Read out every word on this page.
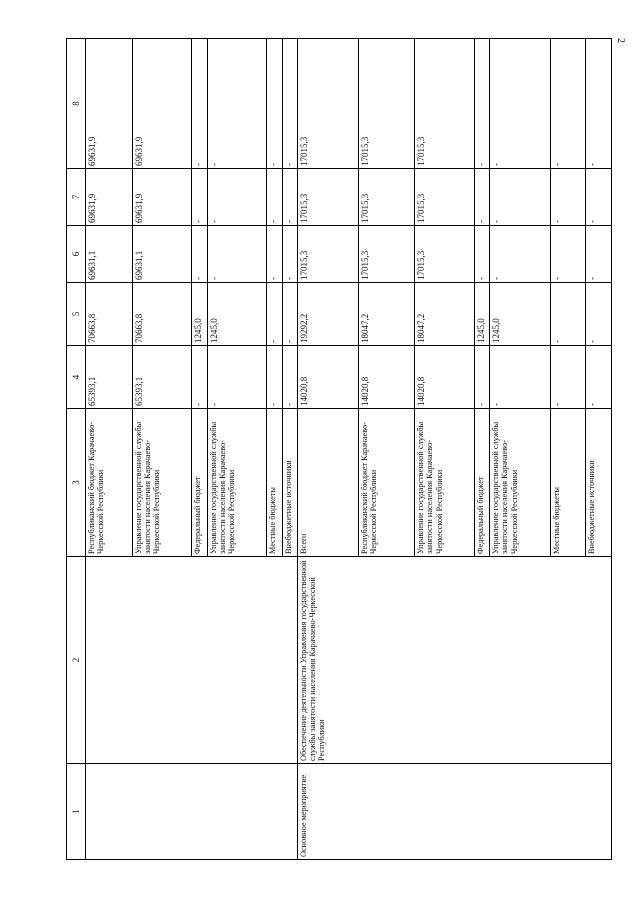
2
1	2	3	4	5	6	7	8
		Республиканский бюджет Карачаево-Черкесской Республики	65393,1	70663,8	69631,1	69631,9	69631,9
		Управление государственной службы занятости населения Карачаево-Черкесской Республики	65393,1	70663,8	69631,1	69631,9	69631,9
		Федеральный бюджет	-	1245,0	-	-	-
		Управление государственной службы занятости населения Карачаево-Черкесской Республики	-	1245,0	-	-	-
		Местные бюджеты	-	-	-	-	-
		Внебюджетные источники	-	-	-	-	-
Основное мероприятие	Обеспечение деятельности Управления государственной службы занятости населения Карачаево-Черкесской Республики	Всего	14020,8	19292,2	17015,3	17015,3	17015,3
		Республиканский бюджет Карачаево-Черкесской Республики	14020,8	18047,2	17015,3	17015,3	17015,3
		Управление государственной службы занятости населения Карачаево-Черкесской Республики	14020,8	18047,2	17015,3	17015,3	17015,3
		Федеральный бюджет	-	1245,0	-	-	-
		Управление государственной службы занятости населения Карачаево-Черкесской Республики	-	1245,0	-	-	-
		Местные бюджеты	-	-	-	-	-
		Внебюджетные источники	-	-	-	-	-
